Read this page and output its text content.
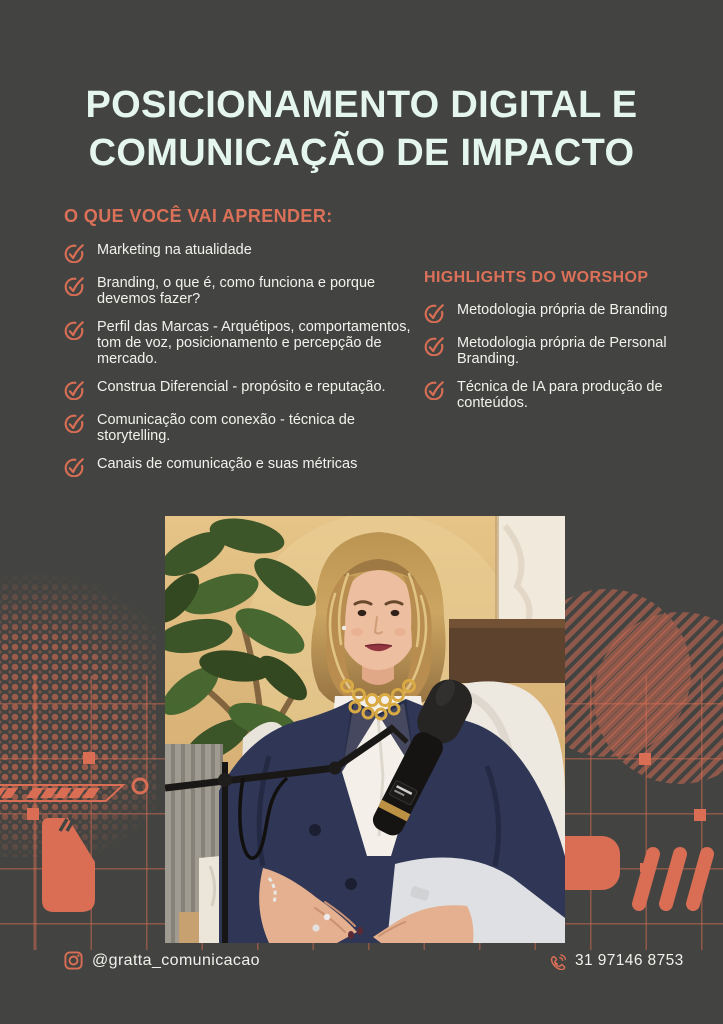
POSICIONAMENTO DIGITAL E
COMUNICAÇÃO DE IMPACTO
O QUE VOCÊ VAI APRENDER:
Marketing na atualidade
Branding, o que é, como funciona e porque devemos fazer?
Perfil das Marcas - Arquétipos, comportamentos, tom de voz, posicionamento e percepção de mercado.
Construa Diferencial - propósito e reputação.
Comunicação com conexão - técnica de storytelling.
Canais de comunicação e suas métricas
HIGHLIGHTS DO WORSHOP
Metodologia própria de Branding
Metodologia própria de Personal Branding.
Técnica de IA para produção de conteúdos.
@gratta_comunicacao	31 97146 8753
